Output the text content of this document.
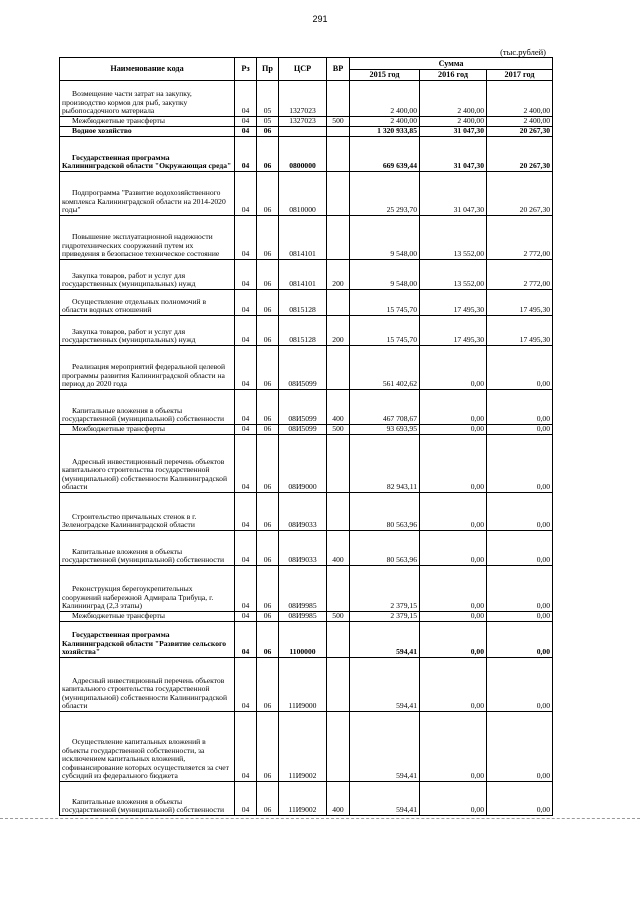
291
(тыс.рублей)
Наименование кода	Рз	Пр	ЦСР	ВР	Сумма		
					2015 год	2016 год	2017 год
Возмещение части затрат на закупку, производство кормов для рыб, закупку рыбопосадочного материала	04	05	1327023		2 400,00	2 400,00	2 400,00
Межбюджетные трансферты	04	05	1327023	500	2 400,00	2 400,00	2 400,00
Водное хозяйство	04	06			1 320 933,85	31 047,30	20 267,30
Государственная программа Калининградской области "Окружающая среда"	04	06	0800000		669 639,44	31 047,30	20 267,30
Подпрограмма "Развитие водохозяйственного комплекса Калининградской области на 2014-2020 годы"	04	06	0810000		25 293,70	31 047,30	20 267,30
Повышение эксплуатационной надежности гидротехнических сооружений путем их приведения в безопасное техническое состояние	04	06	0814101		9 548,00	13 552,00	2 772,00
Закупка товаров, работ и услуг для государственных (муниципальных) нужд	04	06	0814101	200	9 548,00	13 552,00	2 772,00
Осуществление отдельных полномочий в области водных отношений	04	06	0815128		15 745,70	17 495,30	17 495,30
Закупка товаров, работ и услуг для государственных (муниципальных) нужд	04	06	0815128	200	15 745,70	17 495,30	17 495,30
Реализация мероприятий федеральной целевой программы развития Калининградской области на период до 2020 года	04	06	08И5099		561 402,62	0,00	0,00
Капитальные вложения в объекты государственной (муниципальной) собственности	04	06	08И5099	400	467 708,67	0,00	0,00
Межбюджетные трансферты	04	06	08И5099	500	93 693,95	0,00	0,00
Адресный инвестиционный перечень объектов капитального строительства государственной (муниципальной) собственности Калининградской области	04	06	08И9000		82 943,11	0,00	0,00
Строительство причальных стенок в г. Зеленоградске Калининградской области	04	06	08И9033		80 563,96	0,00	0,00
Капитальные вложения в объекты государственной (муниципальной) собственности	04	06	08И9033	400	80 563,96	0,00	0,00
Реконструкция берегоукрепительных сооружений набережной Адмирала Трибуца, г. Калининград (2,3 этапы)	04	06	08И9985		2 379,15	0,00	0,00
Межбюджетные трансферты	04	06	08И9985	500	2 379,15	0,00	0,00
Государственная программа Калининградской области "Развитие сельского хозяйства"	04	06	1100000		594,41	0,00	0,00
Адресный инвестиционный перечень объектов капитального строительства государственной (муниципальной) собственности Калининградской области	04	06	11И9000		594,41	0,00	0,00
Осуществление капитальных вложений в объекты государственной собственности, за исключением капитальных вложений, софинансирование которых осуществляется за счет субсидий из федерального бюджета	04	06	11И9002		594,41	0,00	0,00
Капитальные вложения в объекты государственной (муниципальной) собственности	04	06	11И9002	400	594,41	0,00	0,00
